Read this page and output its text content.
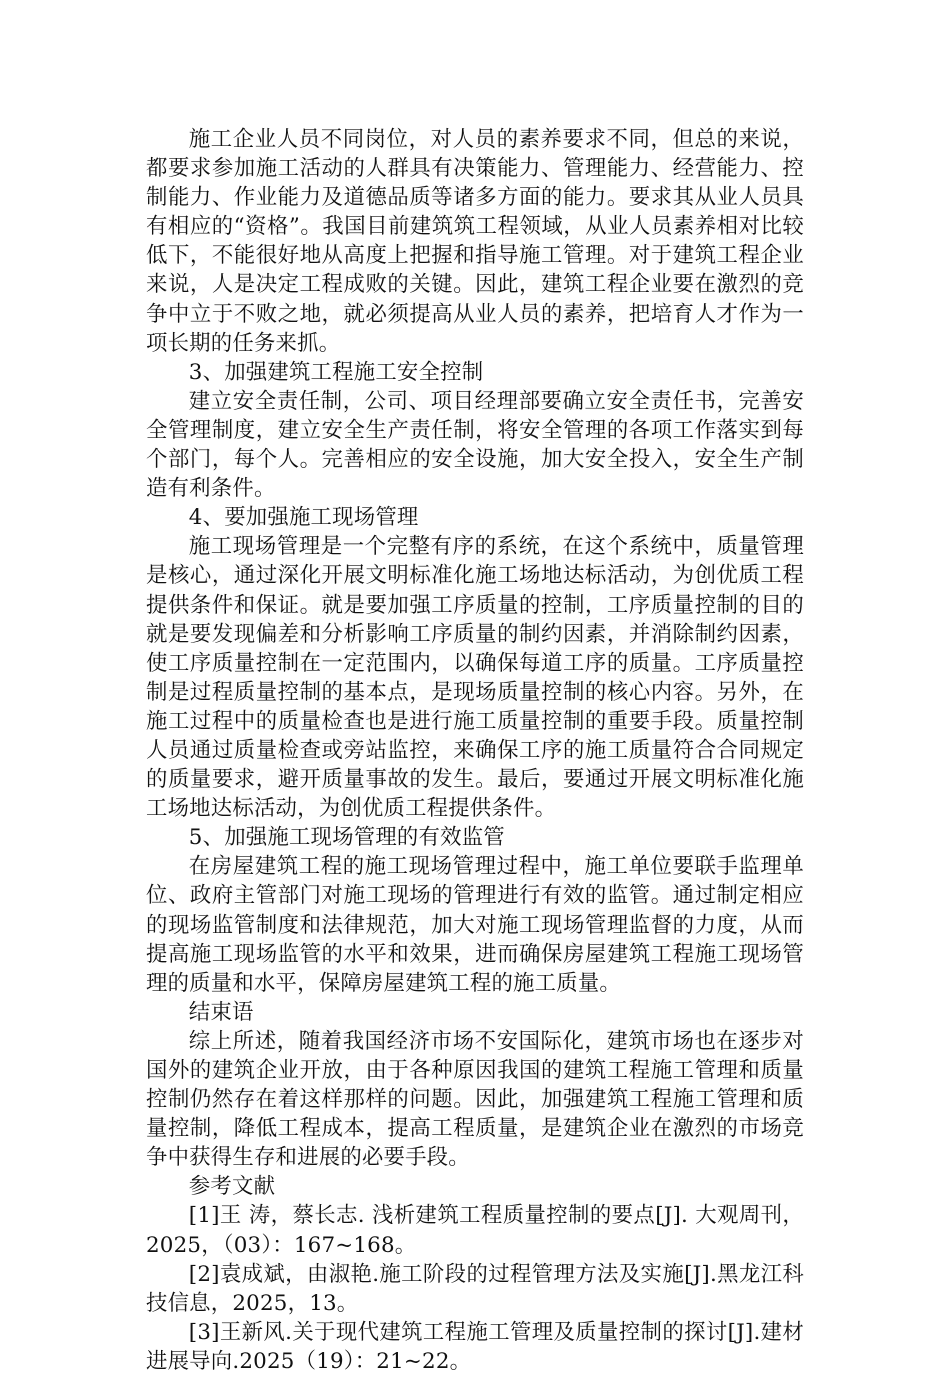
施工企业人员不同岗位，对人员的素养要求不同，但总的来说，都要求参加施工活动的人群具有决策能力、管理能力、经营能力、控制能力、作业能力及道德品质等诸多方面的能力。要求其从业人员具有相应的“资格”。我国目前建筑筑工程领域，从业人员素养相对比较低下，不能很好地从高度上把握和指导施工管理。对于建筑工程企业来说，人是决定工程成败的关键。因此，建筑工程企业要在激烈的竞争中立于不败之地，就必须提高从业人员的素养，把培育人才作为一项长期的任务来抓。

3、加强建筑工程施工安全控制

建立安全责任制，公司、项目经理部要确立安全责任书，完善安全管理制度，建立安全生产责任制，将安全管理的各项工作落实到每个部门，每个人。完善相应的安全设施，加大安全投入，安全生产制造有利条件。

4、要加强施工现场管理

施工现场管理是一个完整有序的系统，在这个系统中，质量管理是核心，通过深化开展文明标准化施工场地达标活动，为创优质工程提供条件和保证。就是要加强工序质量的控制，工序质量控制的目的就是要发现偏差和分析影响工序质量的制约因素，并消除制约因素，使工序质量控制在一定范围内，以确保每道工序的质量。工序质量控制是过程质量控制的基本点，是现场质量控制的核心内容。另外，在施工过程中的质量检查也是进行施工质量控制的重要手段。质量控制人员通过质量检查或旁站监控，来确保工序的施工质量符合合同规定的质量要求，避开质量事故的发生。最后，要通过开展文明标准化施工场地达标活动，为创优质工程提供条件。

5、加强施工现场管理的有效监管

在房屋建筑工程的施工现场管理过程中，施工单位要联手监理单位、政府主管部门对施工现场的管理进行有效的监管。通过制定相应的现场监管制度和法律规范，加大对施工现场管理监督的力度，从而提高施工现场监管的水平和效果，进而确保房屋建筑工程施工现场管理的质量和水平，保障房屋建筑工程的施工质量。

结束语

综上所述，随着我国经济市场不安国际化，建筑市场也在逐步对国外的建筑企业开放，由于各种原因我国的建筑工程施工管理和质量控制仍然存在着这样那样的问题。因此，加强建筑工程施工管理和质量控制，降低工程成本，提高工程质量，是建筑企业在激烈的市场竞争中获得生存和进展的必要手段。

参考文献

[1]王 涛，蔡长志. 浅析建筑工程质量控制的要点[J]. 大观周刊，2025，（03）：167~168。

[2]袁成斌，由淑艳.施工阶段的过程管理方法及实施[J].黑龙江科技信息，2025，13。

[3]王新风.关于现代建筑工程施工管理及质量控制的探讨[J].建材进展导向.2025（19）：21~22。
